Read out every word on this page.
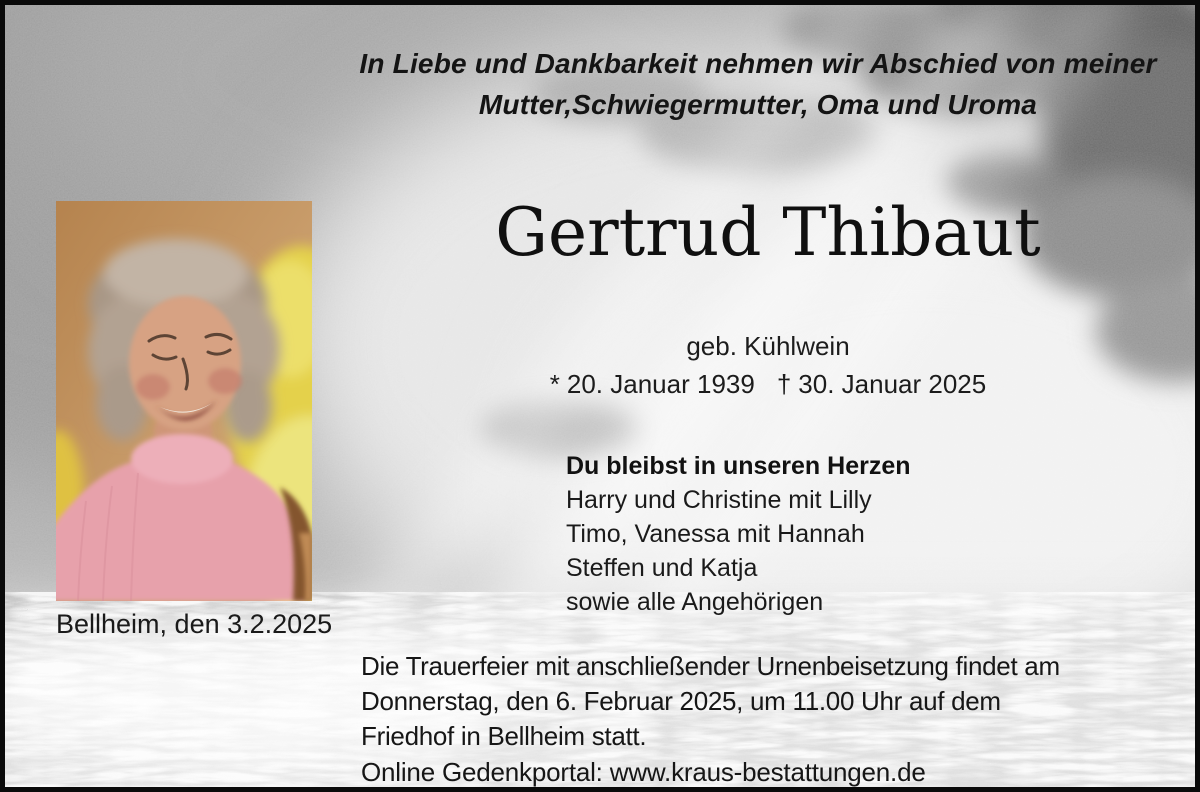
In Liebe und Dankbarkeit nehmen wir Abschied von meiner
Mutter,Schwiegermutter, Oma und Uroma
Gertrud Thibaut
geb. Kühlwein
* 20. Januar 1939 † 30. Januar 2025
Du bleibst in unseren Herzen
Harry und Christine mit Lilly
Timo, Vanessa mit Hannah
Steffen und Katja
sowie alle Angehörigen
Bellheim, den 3.2.2025
Die Trauerfeier mit anschließender Urnenbeisetzung findet am
Donnerstag, den 6. Februar 2025, um 11.00 Uhr auf dem
Friedhof in Bellheim statt.
Online Gedenkportal: www.kraus-bestattungen.de
